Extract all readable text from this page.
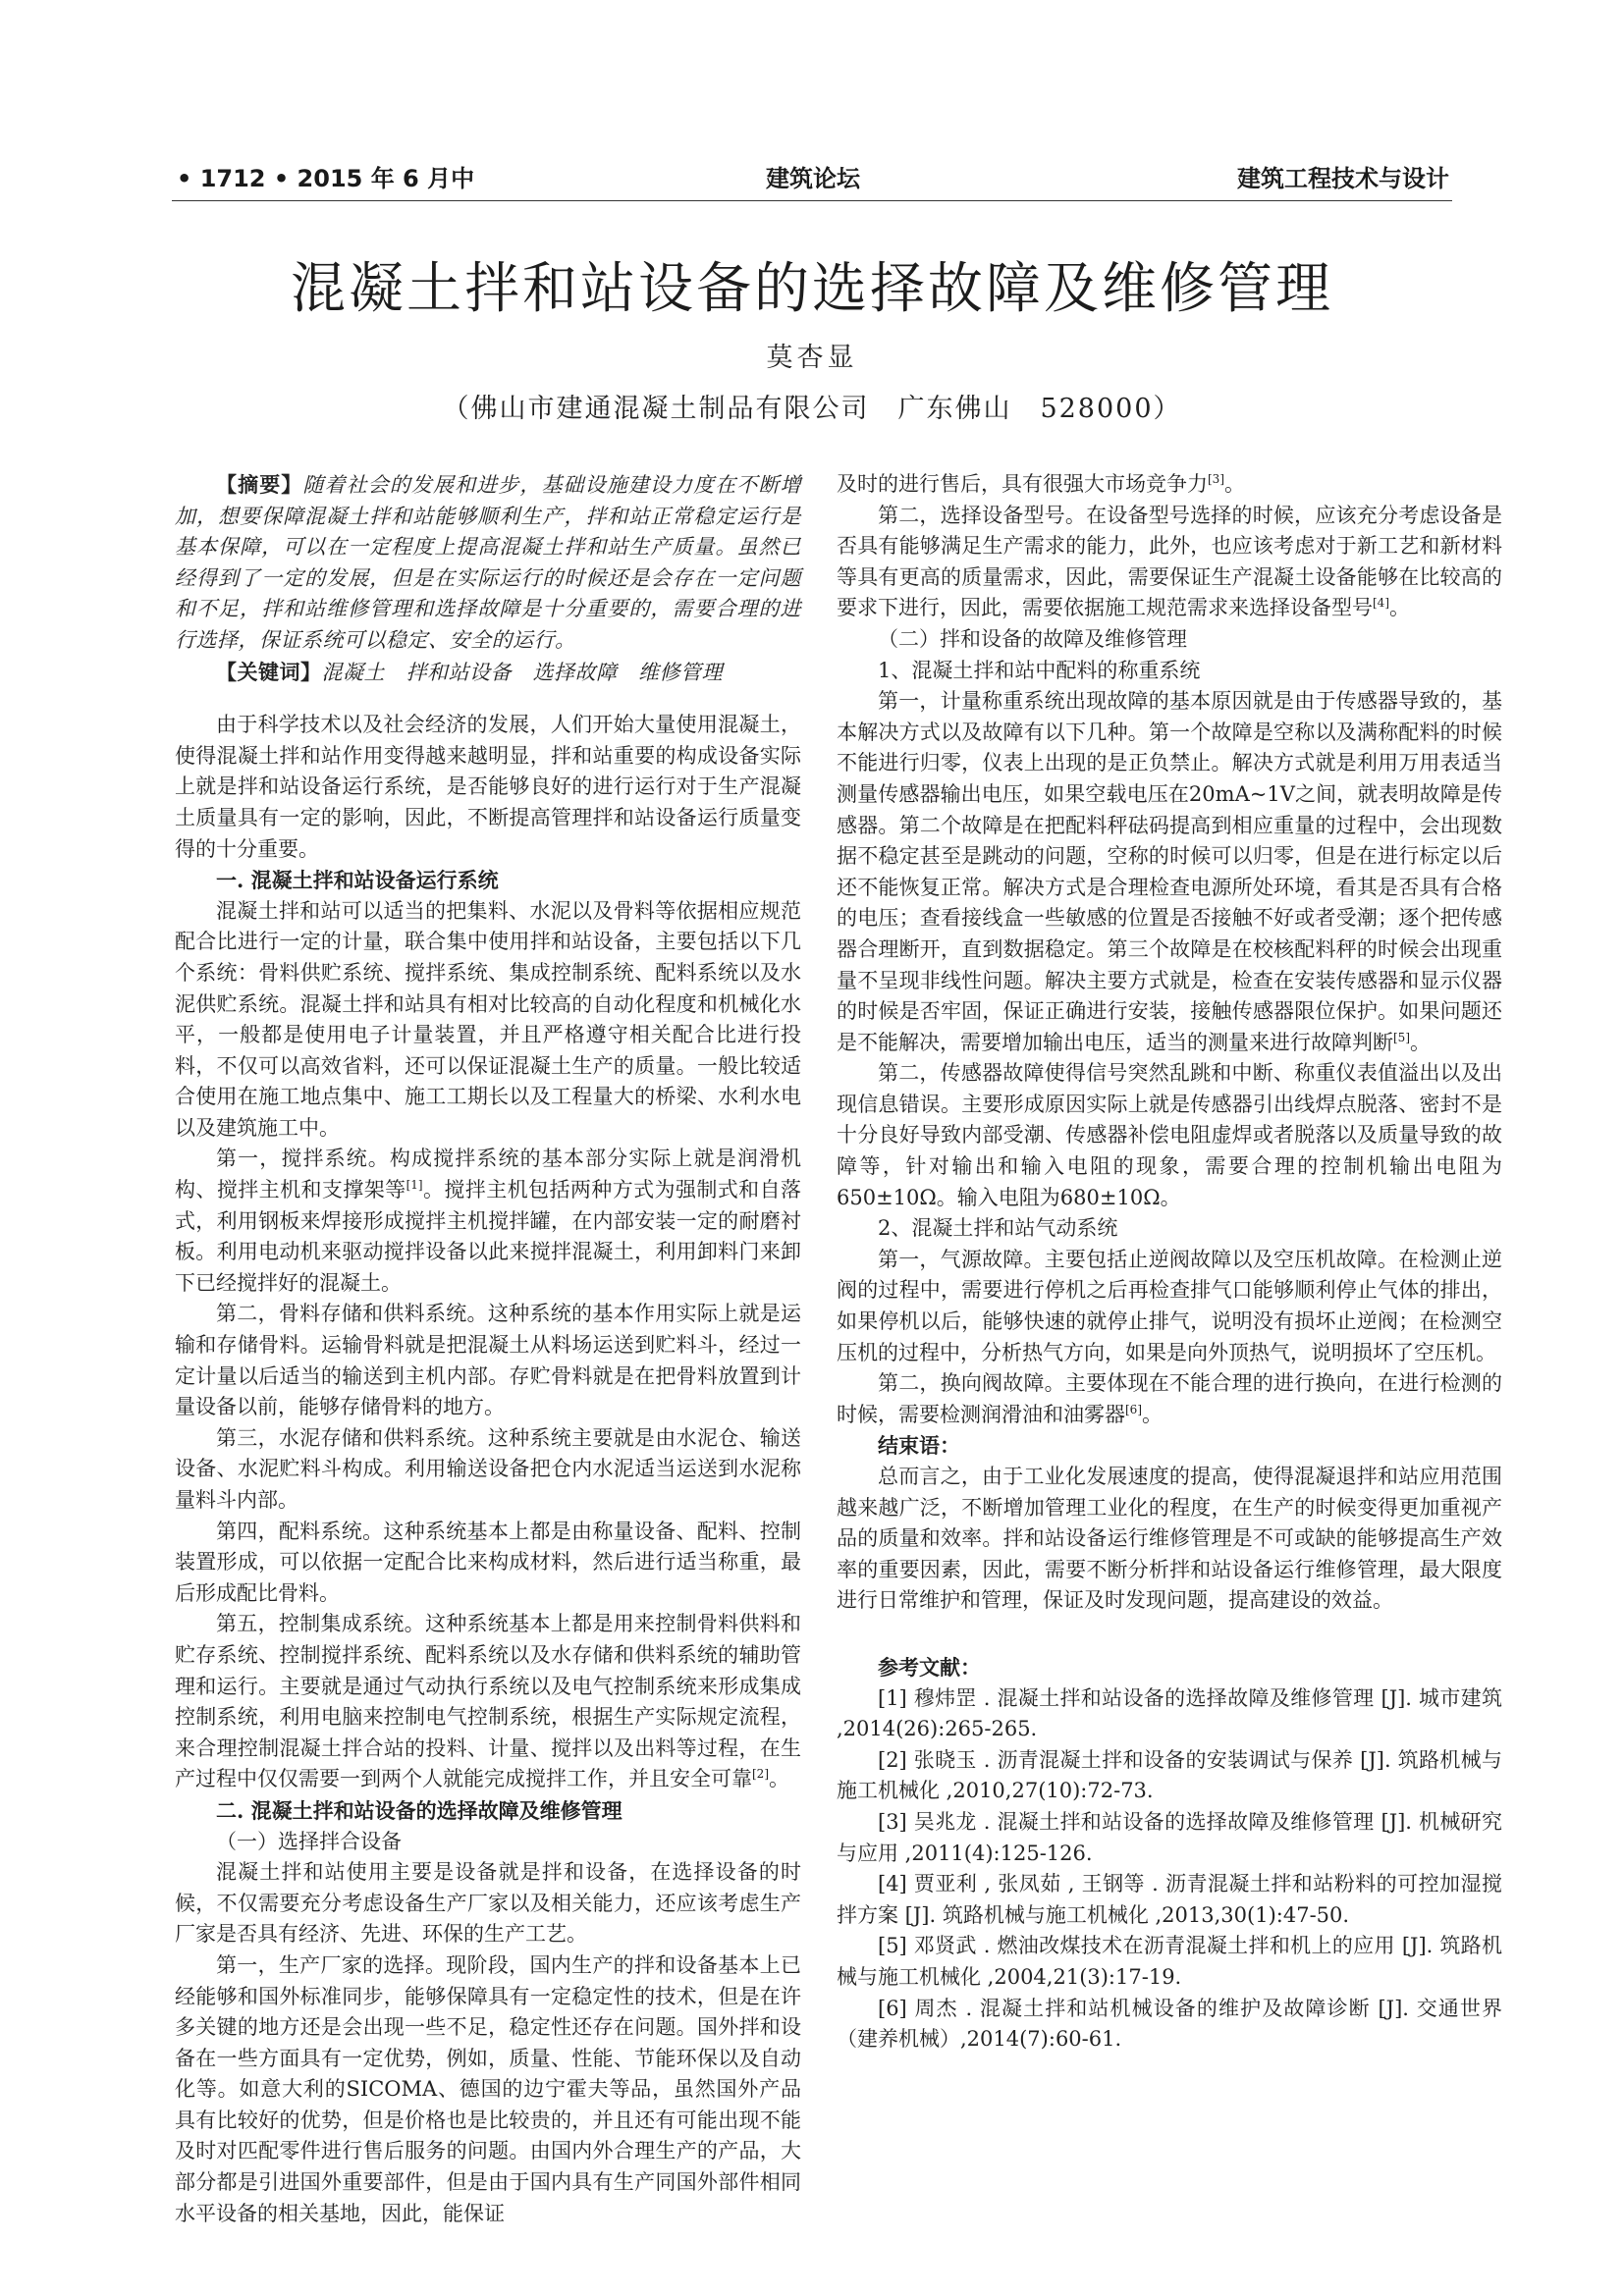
• 1712 • 2015 年 6 月中	建筑论坛	建筑工程技术与设计
混凝土拌和站设备的选择故障及维修管理
莫杏显
（佛山市建通混凝土制品有限公司　广东佛山　528000）

【摘要】随着社会的发展和进步，基础设施建设力度在不断增加，想要保障混凝土拌和站能够顺利生产，拌和站正常稳定运行是基本保障，可以在一定程度上提高混凝土拌和站生产质量。虽然已经得到了一定的发展，但是在实际运行的时候还是会存在一定问题和不足，拌和站维修管理和选择故障是十分重要的，需要合理的进行选择，保证系统可以稳定、安全的运行。

【关键词】混凝土　拌和站设备　选择故障　维修管理

由于科学技术以及社会经济的发展，人们开始大量使用混凝土，使得混凝土拌和站作用变得越来越明显，拌和站重要的构成设备实际上就是拌和站设备运行系统，是否能够良好的进行运行对于生产混凝土质量具有一定的影响，因此，不断提高管理拌和站设备运行质量变得的十分重要。

一. 混凝土拌和站设备运行系统

混凝土拌和站可以适当的把集料、水泥以及骨料等依据相应规范配合比进行一定的计量，联合集中使用拌和站设备，主要包括以下几个系统：骨料供贮系统、搅拌系统、集成控制系统、配料系统以及水泥供贮系统。混凝土拌和站具有相对比较高的自动化程度和机械化水平，一般都是使用电子计量装置，并且严格遵守相关配合比进行投料，不仅可以高效省料，还可以保证混凝土生产的质量。一般比较适合使用在施工地点集中、施工工期长以及工程量大的桥梁、水利水电以及建筑施工中。

第一，搅拌系统。构成搅拌系统的基本部分实际上就是润滑机构、搅拌主机和支撑架等[1]。搅拌主机包括两种方式为强制式和自落式，利用钢板来焊接形成搅拌主机搅拌罐，在内部安装一定的耐磨衬板。利用电动机来驱动搅拌设备以此来搅拌混凝土，利用卸料门来卸下已经搅拌好的混凝土。

第二，骨料存储和供料系统。这种系统的基本作用实际上就是运输和存储骨料。运输骨料就是把混凝土从料场运送到贮料斗，经过一定计量以后适当的输送到主机内部。存贮骨料就是在把骨料放置到计量设备以前，能够存储骨料的地方。

第三，水泥存储和供料系统。这种系统主要就是由水泥仓、输送设备、水泥贮料斗构成。利用输送设备把仓内水泥适当运送到水泥称量料斗内部。

第四，配料系统。这种系统基本上都是由称量设备、配料、控制装置形成，可以依据一定配合比来构成材料，然后进行适当称重，最后形成配比骨料。

第五，控制集成系统。这种系统基本上都是用来控制骨料供料和贮存系统、控制搅拌系统、配料系统以及水存储和供料系统的辅助管理和运行。主要就是通过气动执行系统以及电气控制系统来形成集成控制系统，利用电脑来控制电气控制系统，根据生产实际规定流程，来合理控制混凝土拌合站的投料、计量、搅拌以及出料等过程，在生产过程中仅仅需要一到两个人就能完成搅拌工作，并且安全可靠[2]。

二. 混凝土拌和站设备的选择故障及维修管理

（一）选择拌合设备

混凝土拌和站使用主要是设备就是拌和设备，在选择设备的时候，不仅需要充分考虑设备生产厂家以及相关能力，还应该考虑生产厂家是否具有经济、先进、环保的生产工艺。

第一，生产厂家的选择。现阶段，国内生产的拌和设备基本上已经能够和国外标准同步，能够保障具有一定稳定性的技术，但是在许多关键的地方还是会出现一些不足，稳定性还存在问题。国外拌和设备在一些方面具有一定优势，例如，质量、性能、节能环保以及自动化等。如意大利的SICOMA、德国的边宁霍夫等品，虽然国外产品具有比较好的优势，但是价格也是比较贵的，并且还有可能出现不能及时对匹配零件进行售后服务的问题。由国内外合理生产的产品，大部分都是引进国外重要部件，但是由于国内具有生产同国外部件相同水平设备的相关基地，因此，能保证

及时的进行售后，具有很强大市场竞争力[3]。

第二，选择设备型号。在设备型号选择的时候，应该充分考虑设备是否具有能够满足生产需求的能力，此外，也应该考虑对于新工艺和新材料等具有更高的质量需求，因此，需要保证生产混凝土设备能够在比较高的要求下进行，因此，需要依据施工规范需求来选择设备型号[4]。

（二）拌和设备的故障及维修管理

1、混凝土拌和站中配料的称重系统

第一，计量称重系统出现故障的基本原因就是由于传感器导致的，基本解决方式以及故障有以下几种。第一个故障是空称以及满称配料的时候不能进行归零，仪表上出现的是正负禁止。解决方式就是利用万用表适当测量传感器输出电压，如果空载电压在20mA~1V之间，就表明故障是传感器。第二个故障是在把配料秤砝码提高到相应重量的过程中，会出现数据不稳定甚至是跳动的问题，空称的时候可以归零，但是在进行标定以后还不能恢复正常。解决方式是合理检查电源所处环境，看其是否具有合格的电压；查看接线盒一些敏感的位置是否接触不好或者受潮；逐个把传感器合理断开，直到数据稳定。第三个故障是在校核配料秤的时候会出现重量不呈现非线性问题。解决主要方式就是，检查在安装传感器和显示仪器的时候是否牢固，保证正确进行安装，接触传感器限位保护。如果问题还是不能解决，需要增加输出电压，适当的测量来进行故障判断[5]。

第二，传感器故障使得信号突然乱跳和中断、称重仪表值溢出以及出现信息错误。主要形成原因实际上就是传感器引出线焊点脱落、密封不是十分良好导致内部受潮、传感器补偿电阻虚焊或者脱落以及质量导致的故障等，针对输出和输入电阻的现象，需要合理的控制机输出电阻为650±10Ω。输入电阻为680±10Ω。

2、混凝土拌和站气动系统

第一，气源故障。主要包括止逆阀故障以及空压机故障。在检测止逆阀的过程中，需要进行停机之后再检查排气口能够顺利停止气体的排出，如果停机以后，能够快速的就停止排气，说明没有损坏止逆阀；在检测空压机的过程中，分析热气方向，如果是向外顶热气，说明损坏了空压机。

第二，换向阀故障。主要体现在不能合理的进行换向，在进行检测的时候，需要检测润滑油和油雾器[6]。

结束语：

总而言之，由于工业化发展速度的提高，使得混凝退拌和站应用范围越来越广泛，不断增加管理工业化的程度，在生产的时候变得更加重视产品的质量和效率。拌和站设备运行维修管理是不可或缺的能够提高生产效率的重要因素，因此，需要不断分析拌和站设备运行维修管理，最大限度进行日常维护和管理，保证及时发现问题，提高建设的效益。

参考文献：

[1] 穆炜罡 . 混凝土拌和站设备的选择故障及维修管理 [J]. 城市建筑 ,2014(26):265-265.

[2] 张晓玉 . 沥青混凝土拌和设备的安装调试与保养 [J]. 筑路机械与施工机械化 ,2010,27(10):72-73.

[3] 吴兆龙 . 混凝土拌和站设备的选择故障及维修管理 [J]. 机械研究与应用 ,2011(4):125-126.

[4] 贾亚利 , 张凤茹 , 王钢等 . 沥青混凝土拌和站粉料的可控加湿搅拌方案 [J]. 筑路机械与施工机械化 ,2013,30(1):47-50.

[5] 邓贤武 . 燃油改煤技术在沥青混凝土拌和机上的应用 [J]. 筑路机械与施工机械化 ,2004,21(3):17-19.

[6] 周杰 . 混凝土拌和站机械设备的维护及故障诊断 [J]. 交通世界（建养机械）,2014(7):60-61.
